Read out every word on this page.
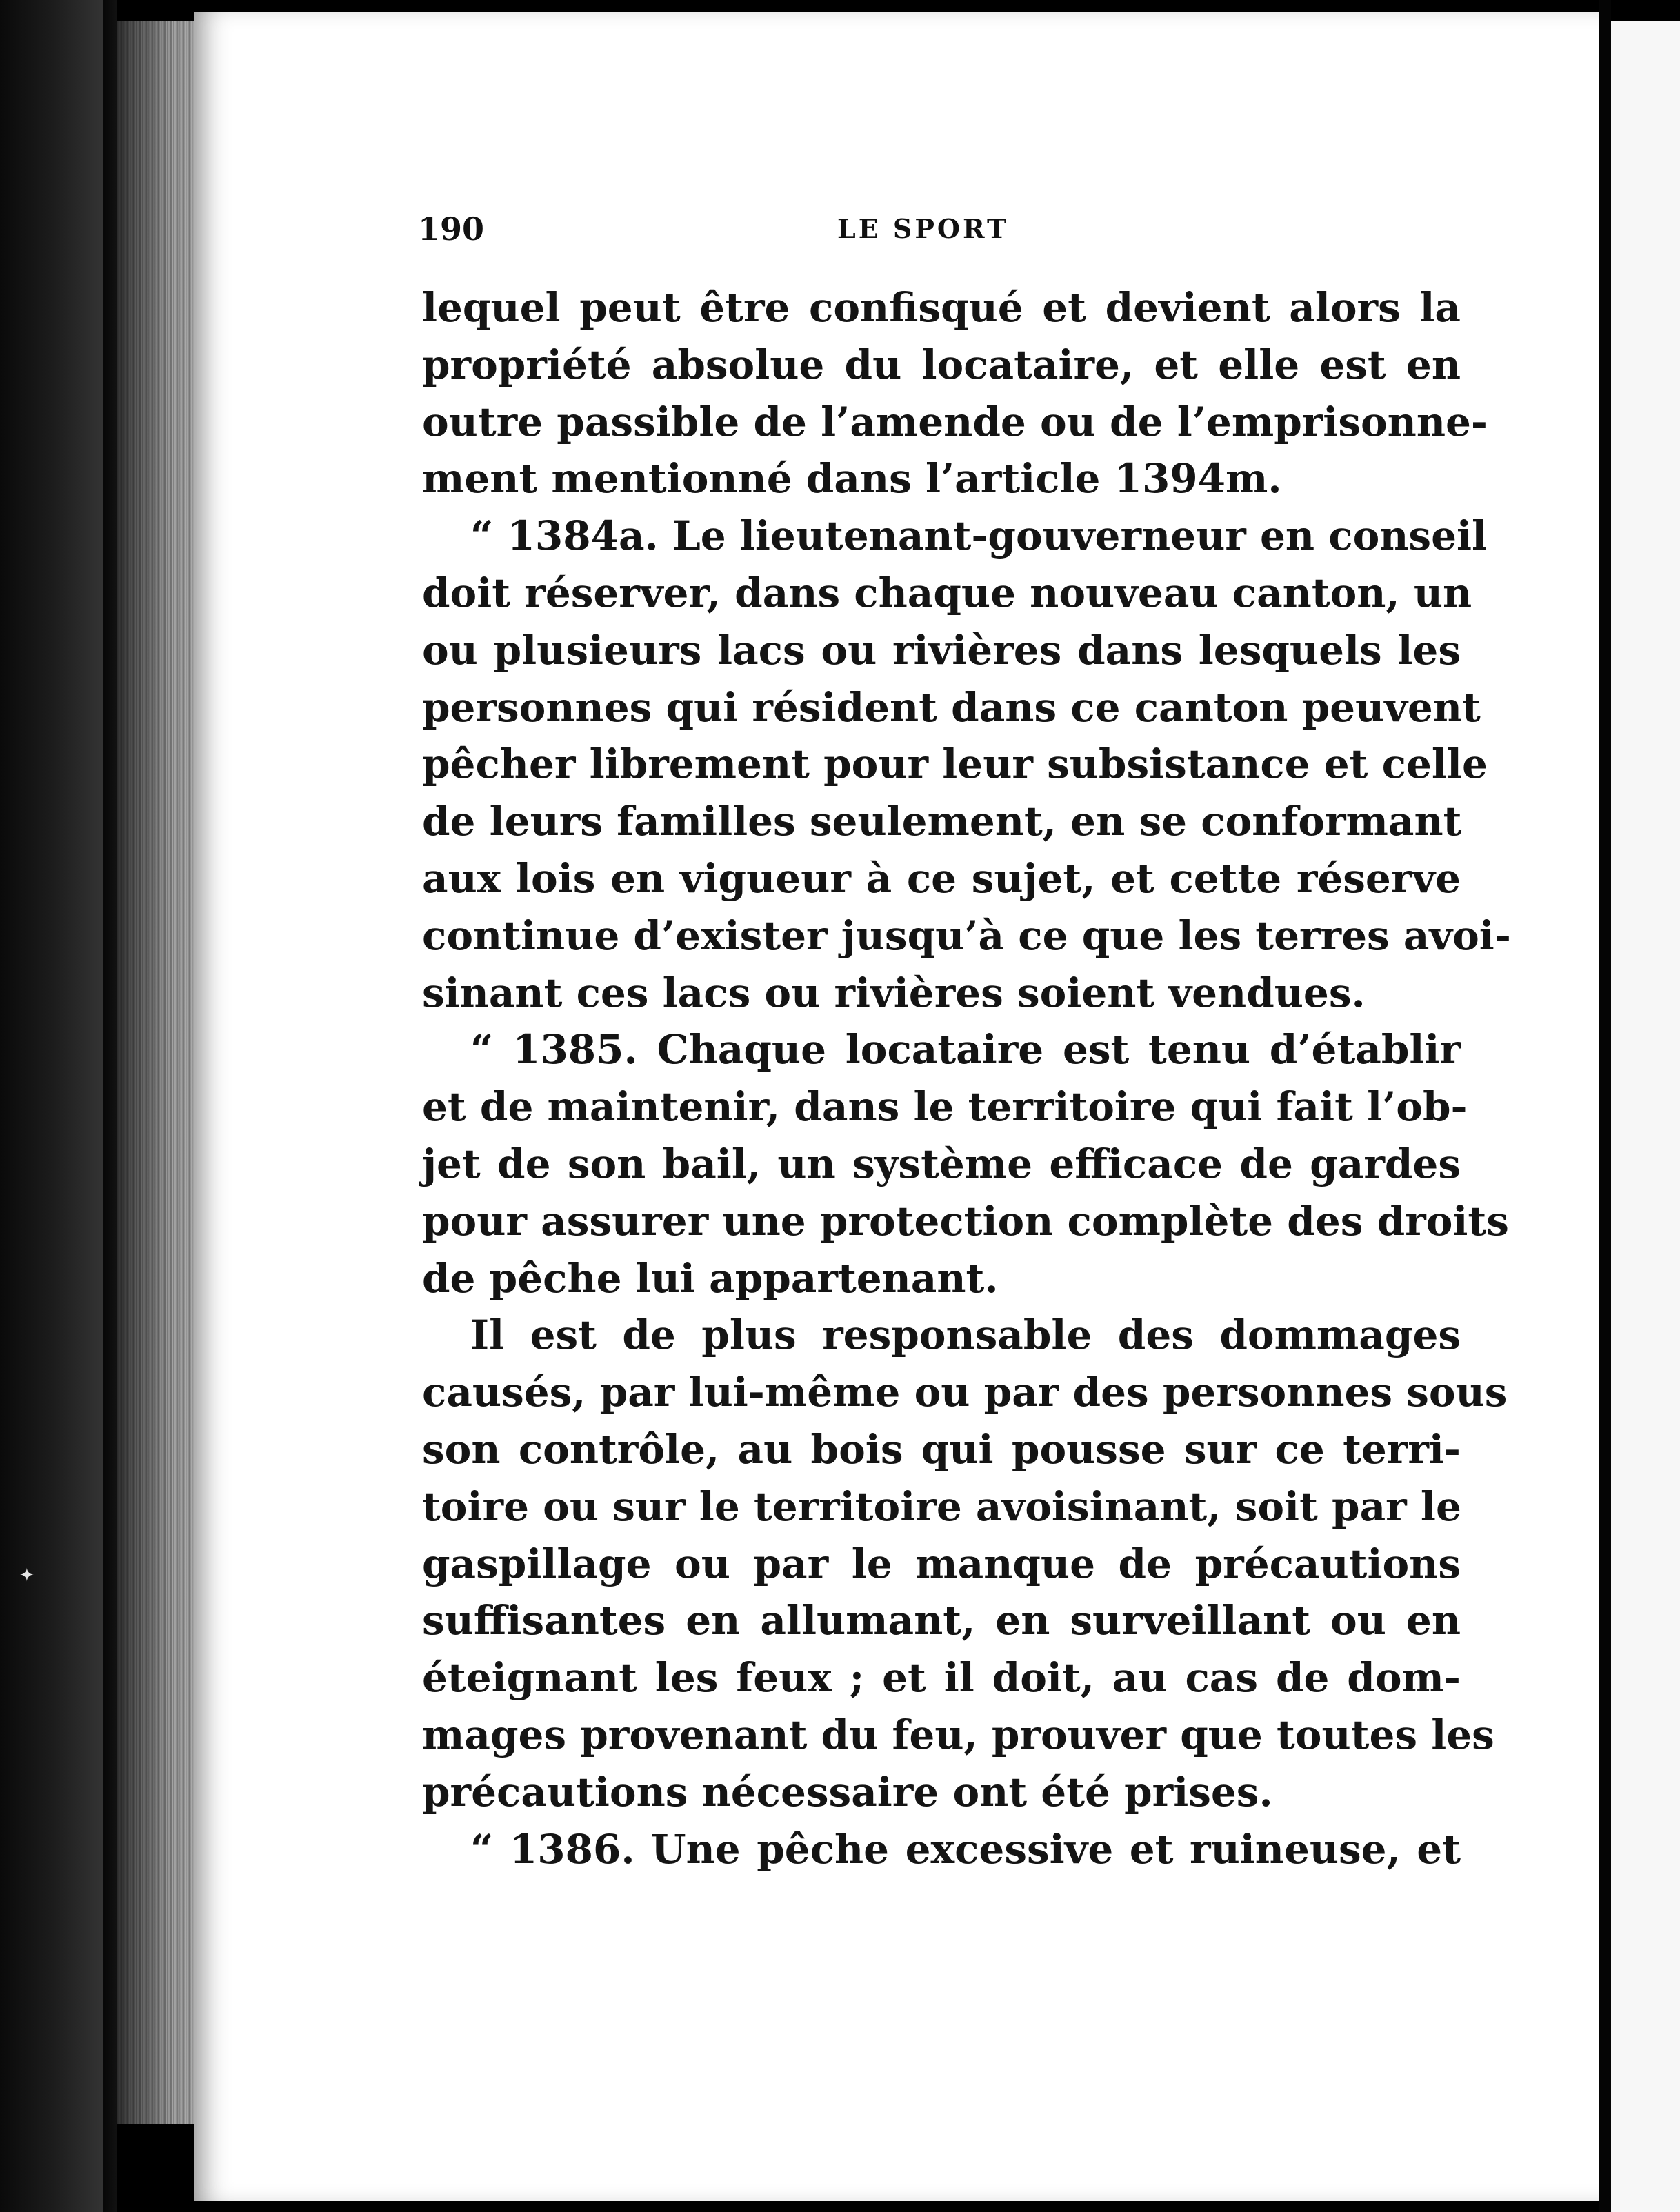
✦
190	LE SPORT
lequel peut être confisqué et devient alors la
propriété absolue du locataire, et elle est en
outre passible de l’amende ou de l’emprisonne-
ment mentionné dans l’article 1394m.
“ 1384a. Le lieutenant-gouverneur en conseil
doit réserver, dans chaque nouveau canton, un
ou plusieurs lacs ou rivières dans lesquels les
personnes qui résident dans ce canton peuvent
pêcher librement pour leur subsistance et celle
de leurs familles seulement, en se conformant
aux lois en vigueur à ce sujet, et cette réserve
continue d’exister jusqu’à ce que les terres avoi-
sinant ces lacs ou rivières soient vendues.
“ 1385. Chaque locataire est tenu d’établir
et de maintenir, dans le territoire qui fait l’ob-
jet de son bail, un système efficace de gardes
pour assurer une protection complète des droits
de pêche lui appartenant.
Il est de plus responsable des dommages
causés, par lui-même ou par des personnes sous
son contrôle, au bois qui pousse sur ce terri-
toire ou sur le territoire avoisinant, soit par le
gaspillage ou par le manque de précautions
suffisantes en allumant, en surveillant ou en
éteignant les feux ; et il doit, au cas de dom-
mages provenant du feu, prouver que toutes les
précautions nécessaire ont été prises.
“ 1386. Une pêche excessive et ruineuse, et
